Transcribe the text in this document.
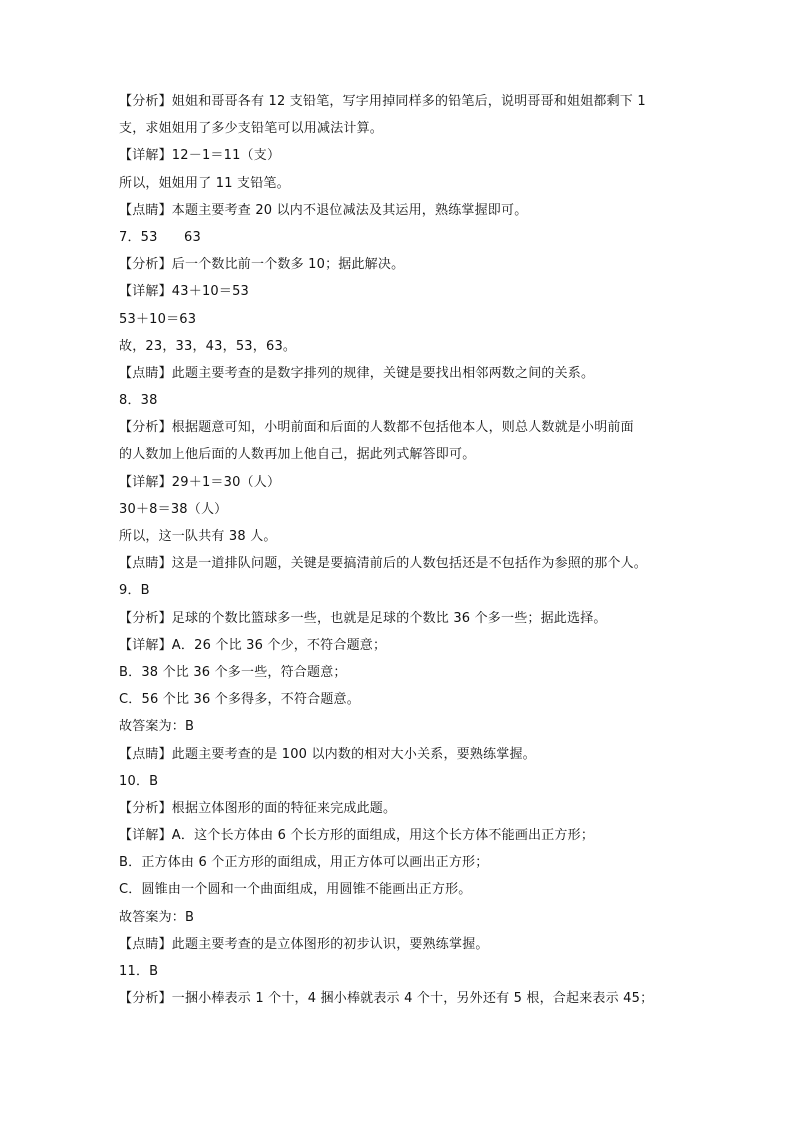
【分析】姐姐和哥哥各有 12 支铅笔，写字用掉同样多的铅笔后，说明哥哥和姐姐都剩下 1
支，求姐姐用了多少支铅笔可以用减法计算。
【详解】12－1＝11（支）
所以，姐姐用了 11 支铅笔。
【点睛】本题主要考查 20 以内不退位减法及其运用，熟练掌握即可。
7．53　　63
【分析】后一个数比前一个数多 10；据此解决。
【详解】43＋10＝53
53＋10＝63
故，23，33，43，53，63。
【点睛】此题主要考查的是数字排列的规律，关键是要找出相邻两数之间的关系。
8．38
【分析】根据题意可知，小明前面和后面的人数都不包括他本人，则总人数就是小明前面
的人数加上他后面的人数再加上他自己，据此列式解答即可。
【详解】29＋1＝30（人）
30＋8＝38（人）
所以，这一队共有 38 人。
【点睛】这是一道排队问题，关键是要搞清前后的人数包括还是不包括作为参照的那个人。
9．B
【分析】足球的个数比篮球多一些，也就是足球的个数比 36 个多一些；据此选择。
【详解】A．26 个比 36 个少，不符合题意；
B．38 个比 36 个多一些，符合题意；
C．56 个比 36 个多得多，不符合题意。
故答案为：B
【点睛】此题主要考查的是 100 以内数的相对大小关系，要熟练掌握。
10．B
【分析】根据立体图形的面的特征来完成此题。
【详解】A．这个长方体由 6 个长方形的面组成，用这个长方体不能画出正方形；
B．正方体由 6 个正方形的面组成，用正方体可以画出正方形；
C．圆锥由一个圆和一个曲面组成，用圆锥不能画出正方形。
故答案为：B
【点睛】此题主要考查的是立体图形的初步认识，要熟练掌握。
11．B
【分析】一捆小棒表示 1 个十，4 捆小棒就表示 4 个十，另外还有 5 根，合起来表示 45；
